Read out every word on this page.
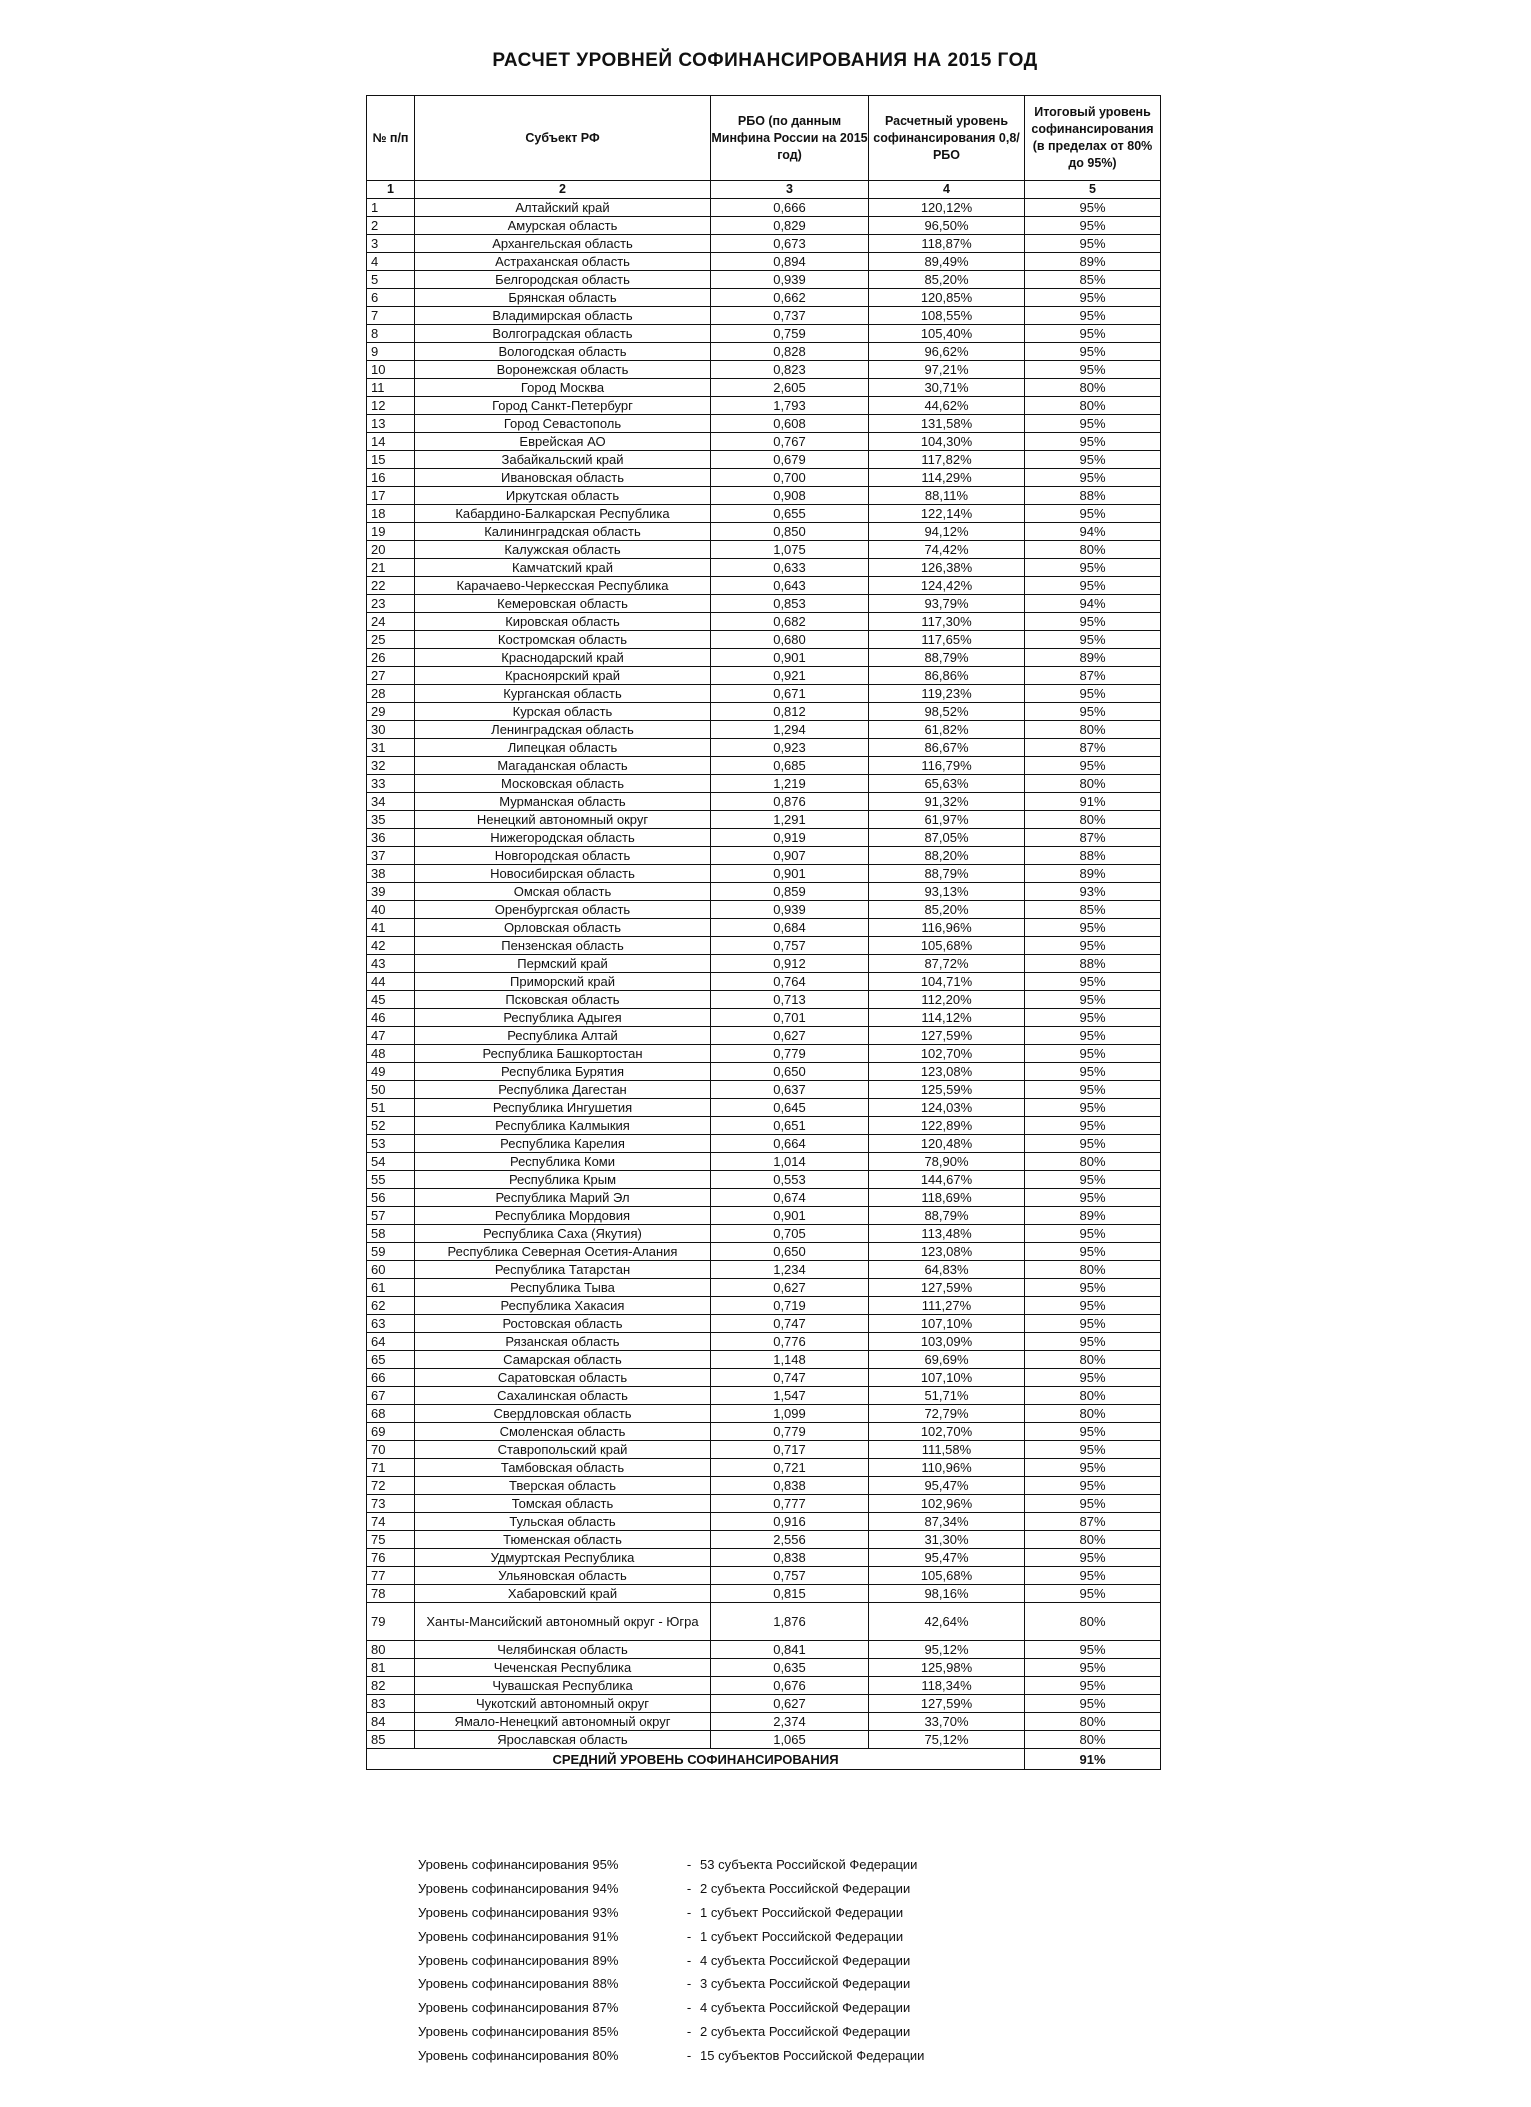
РАСЧЕТ УРОВНЕЙ СОФИНАНСИРОВАНИЯ НА 2015 ГОД
№ п/п	Субъект РФ	РБО (по данным Минфина России на 2015 год)	Расчетный уровень софинансирования 0,8/РБО	Итоговый уровень софинансирования (в пределах от 80% до 95%)
1	2	3	4	5
1	Алтайский край	0,666	120,12%	95%
2	Амурская область	0,829	96,50%	95%
3	Архангельская область	0,673	118,87%	95%
4	Астраханская область	0,894	89,49%	89%
5	Белгородская область	0,939	85,20%	85%
6	Брянская область	0,662	120,85%	95%
7	Владимирская область	0,737	108,55%	95%
8	Волгоградская область	0,759	105,40%	95%
9	Вологодская область	0,828	96,62%	95%
10	Воронежская область	0,823	97,21%	95%
11	Город Москва	2,605	30,71%	80%
12	Город Санкт-Петербург	1,793	44,62%	80%
13	Город Севастополь	0,608	131,58%	95%
14	Еврейская АО	0,767	104,30%	95%
15	Забайкальский край	0,679	117,82%	95%
16	Ивановская область	0,700	114,29%	95%
17	Иркутская область	0,908	88,11%	88%
18	Кабардино-Балкарская Республика	0,655	122,14%	95%
19	Калининградская область	0,850	94,12%	94%
20	Калужская область	1,075	74,42%	80%
21	Камчатский край	0,633	126,38%	95%
22	Карачаево-Черкесская Республика	0,643	124,42%	95%
23	Кемеровская область	0,853	93,79%	94%
24	Кировская область	0,682	117,30%	95%
25	Костромская область	0,680	117,65%	95%
26	Краснодарский край	0,901	88,79%	89%
27	Красноярский край	0,921	86,86%	87%
28	Курганская область	0,671	119,23%	95%
29	Курская область	0,812	98,52%	95%
30	Ленинградская область	1,294	61,82%	80%
31	Липецкая область	0,923	86,67%	87%
32	Магаданская область	0,685	116,79%	95%
33	Московская область	1,219	65,63%	80%
34	Мурманская область	0,876	91,32%	91%
35	Ненецкий автономный округ	1,291	61,97%	80%
36	Нижегородская область	0,919	87,05%	87%
37	Новгородская область	0,907	88,20%	88%
38	Новосибирская область	0,901	88,79%	89%
39	Омская область	0,859	93,13%	93%
40	Оренбургская область	0,939	85,20%	85%
41	Орловская область	0,684	116,96%	95%
42	Пензенская область	0,757	105,68%	95%
43	Пермский край	0,912	87,72%	88%
44	Приморский край	0,764	104,71%	95%
45	Псковская область	0,713	112,20%	95%
46	Республика Адыгея	0,701	114,12%	95%
47	Республика Алтай	0,627	127,59%	95%
48	Республика Башкортостан	0,779	102,70%	95%
49	Республика Бурятия	0,650	123,08%	95%
50	Республика Дагестан	0,637	125,59%	95%
51	Республика Ингушетия	0,645	124,03%	95%
52	Республика Калмыкия	0,651	122,89%	95%
53	Республика Карелия	0,664	120,48%	95%
54	Республика Коми	1,014	78,90%	80%
55	Республика Крым	0,553	144,67%	95%
56	Республика Марий Эл	0,674	118,69%	95%
57	Республика Мордовия	0,901	88,79%	89%
58	Республика Саха (Якутия)	0,705	113,48%	95%
59	Республика Северная Осетия-Алания	0,650	123,08%	95%
60	Республика Татарстан	1,234	64,83%	80%
61	Республика Тыва	0,627	127,59%	95%
62	Республика Хакасия	0,719	111,27%	95%
63	Ростовская область	0,747	107,10%	95%
64	Рязанская область	0,776	103,09%	95%
65	Самарская область	1,148	69,69%	80%
66	Саратовская область	0,747	107,10%	95%
67	Сахалинская область	1,547	51,71%	80%
68	Свердловская область	1,099	72,79%	80%
69	Смоленская область	0,779	102,70%	95%
70	Ставропольский край	0,717	111,58%	95%
71	Тамбовская область	0,721	110,96%	95%
72	Тверская область	0,838	95,47%	95%
73	Томская область	0,777	102,96%	95%
74	Тульская область	0,916	87,34%	87%
75	Тюменская область	2,556	31,30%	80%
76	Удмуртская Республика	0,838	95,47%	95%
77	Ульяновская область	0,757	105,68%	95%
78	Хабаровский край	0,815	98,16%	95%
79	Ханты-Мансийский автономный округ - Югра	1,876	42,64%	80%
80	Челябинская область	0,841	95,12%	95%
81	Чеченская Республика	0,635	125,98%	95%
82	Чувашская Республика	0,676	118,34%	95%
83	Чукотский автономный округ	0,627	127,59%	95%
84	Ямало-Ненецкий автономный округ	2,374	33,70%	80%
85	Ярославская область	1,065	75,12%	80%
СРЕДНИЙ УРОВЕНЬ СОФИНАНСИРОВАНИЯ				91%
Уровень софинансирования 95%	- 53 субъекта Российской Федерации
Уровень софинансирования 94%	- 2 субъекта Российской Федерации
Уровень софинансирования 93%	- 1 субъект Российской Федерации
Уровень софинансирования 91%	- 1 субъект Российской Федерации
Уровень софинансирования 89%	- 4 субъекта Российской Федерации
Уровень софинансирования 88%	- 3 субъекта Российской Федерации
Уровень софинансирования 87%	- 4 субъекта Российской Федерации
Уровень софинансирования 85%	- 2 субъекта Российской Федерации
Уровень софинансирования 80%	- 15 субъектов Российской Федерации
